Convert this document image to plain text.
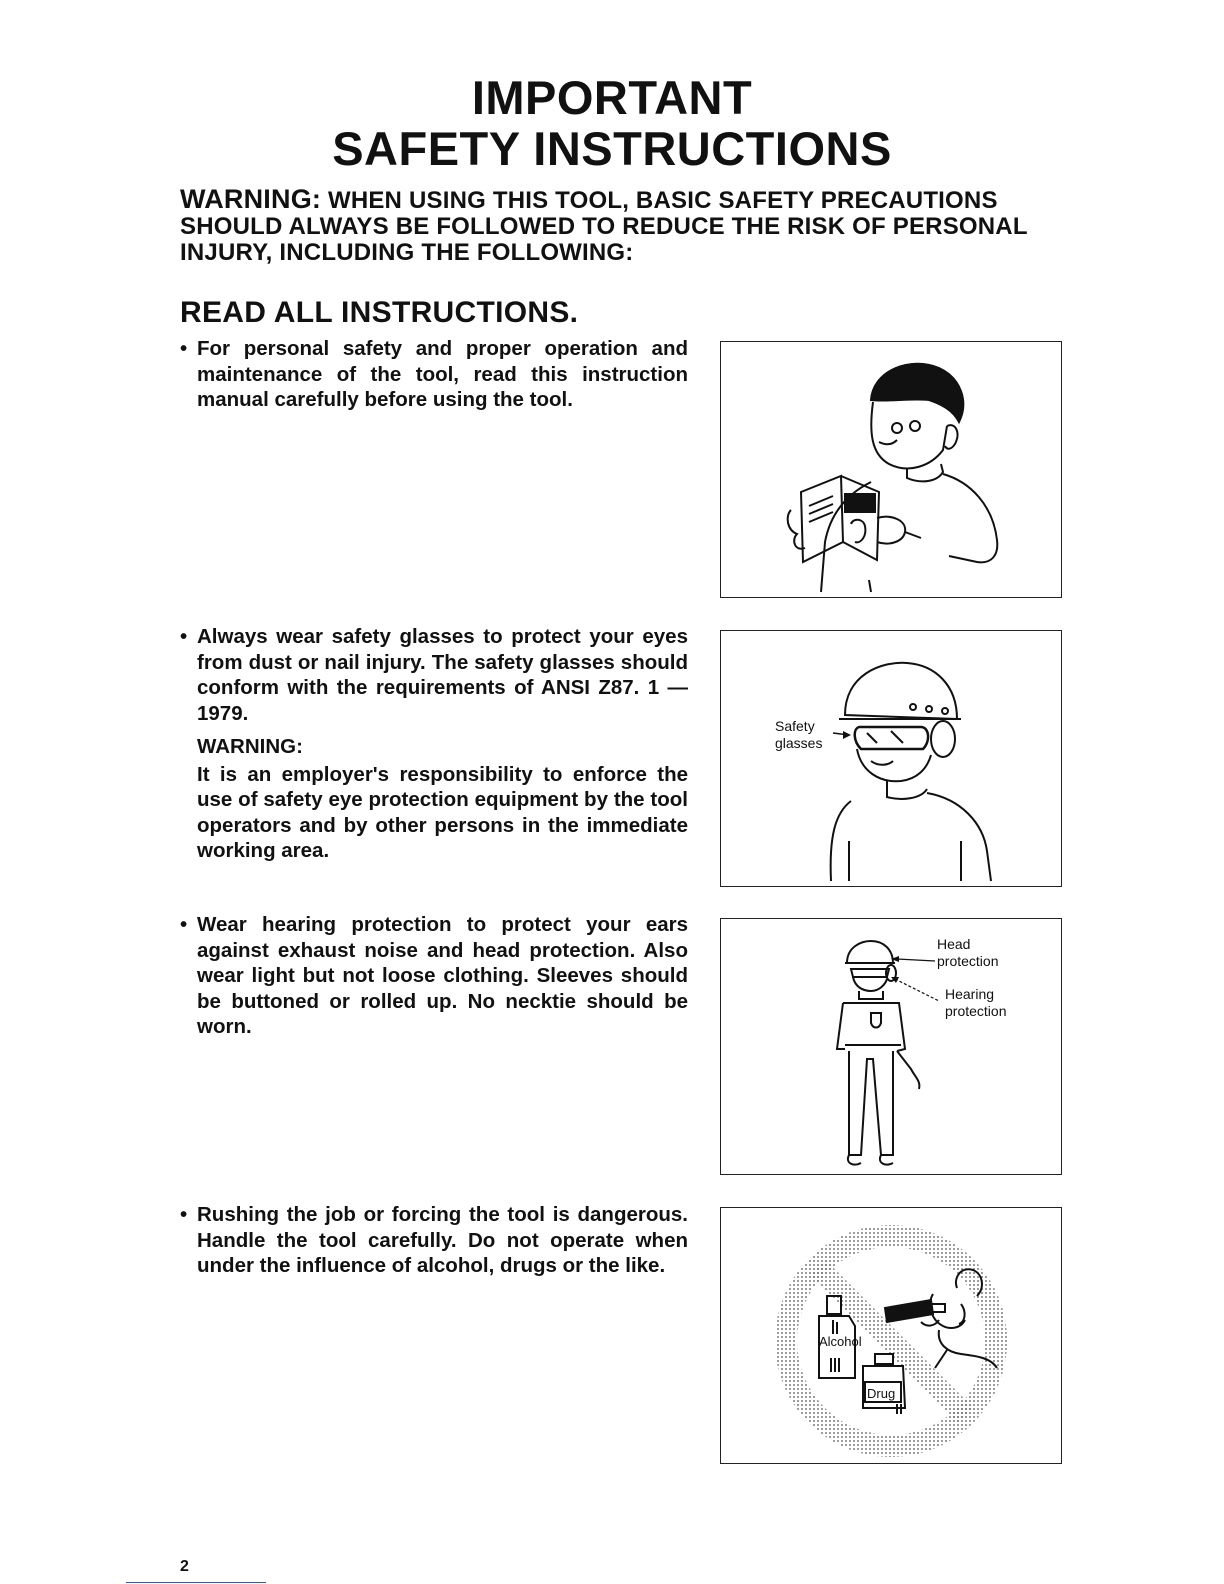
IMPORTANT
SAFETY INSTRUCTIONS
WARNING: WHEN USING THIS TOOL, BASIC SAFETY PRECAUTIONS SHOULD ALWAYS BE FOLLOWED TO REDUCE THE RISK OF PERSONAL INJURY, INCLUDING THE FOLLOWING:
READ ALL INSTRUCTIONS.
• For personal safety and proper operation and maintenance of the tool, read this instruction manual carefully before using the tool.
• Always wear safety glasses to protect your eyes from dust or nail injury. The safety glasses should conform with the requirements of ANSI Z87. 1 — 1979.
WARNING:
It is an employer's responsibility to enforce the use of safety eye protection equipment by the tool operators and by other persons in the immediate working area.
Safety
glasses
• Wear hearing protection to protect your ears against exhaust noise and head protection. Also wear light but not loose clothing. Sleeves should be buttoned or rolled up. No necktie should be worn.
Head
protection
Hearing
protection
• Rushing the job or forcing the tool is dangerous. Handle the tool carefully. Do not operate when under the influence of alcohol, drugs or the like.
Alcohol
Drug
2
